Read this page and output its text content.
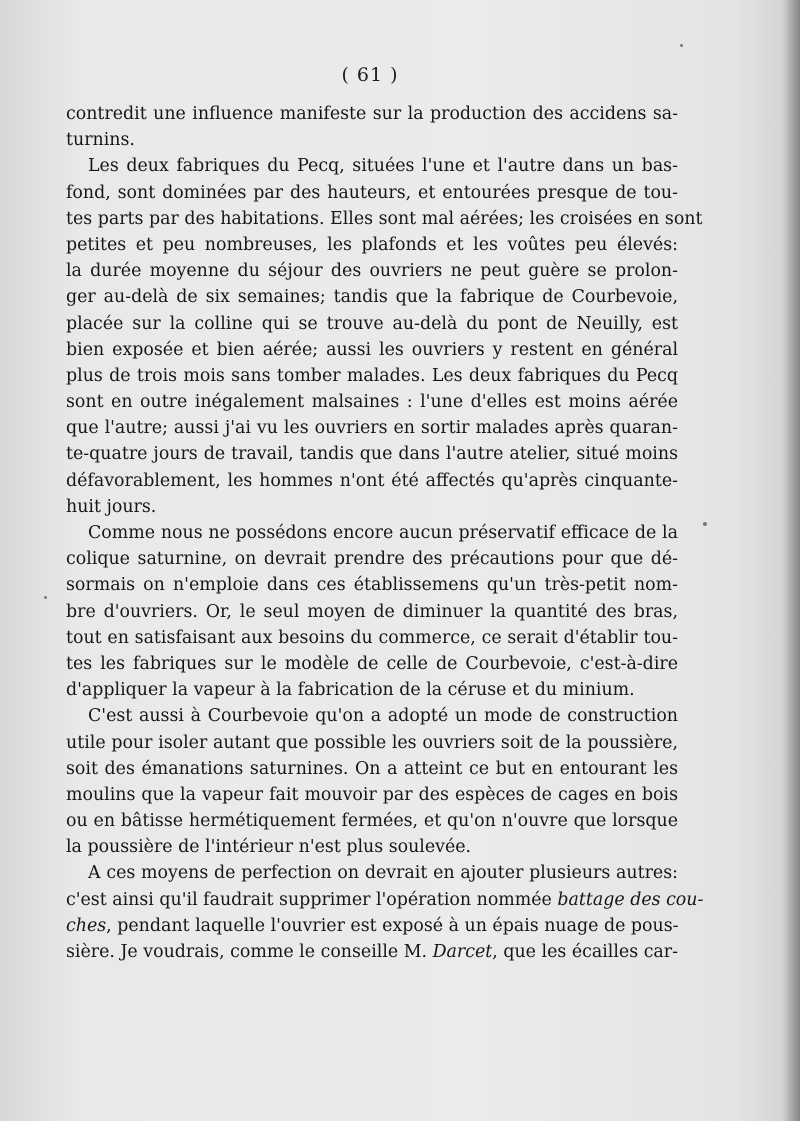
( 61 )
contredit une influence manifeste sur la production des accidens sa-
turnins.
Les deux fabriques du Pecq, situées l'une et l'autre dans un bas-
fond, sont dominées par des hauteurs, et entourées presque de tou-
tes parts par des habitations. Elles sont mal aérées; les croisées en sont
petites et peu nombreuses, les plafonds et les voûtes peu élevés:
la durée moyenne du séjour des ouvriers ne peut guère se prolon-
ger au-delà de six semaines; tandis que la fabrique de Courbevoie,
placée sur la colline qui se trouve au-delà du pont de Neuilly, est
bien exposée et bien aérée; aussi les ouvriers y restent en général
plus de trois mois sans tomber malades. Les deux fabriques du Pecq
sont en outre inégalement malsaines : l'une d'elles est moins aérée
que l'autre; aussi j'ai vu les ouvriers en sortir malades après quaran-
te-quatre jours de travail, tandis que dans l'autre atelier, situé moins
défavorablement, les hommes n'ont été affectés qu'après cinquante-
huit jours.
Comme nous ne possédons encore aucun préservatif efficace de la
colique saturnine, on devrait prendre des précautions pour que dé-
sormais on n'emploie dans ces établissemens qu'un très-petit nom-
bre d'ouvriers. Or, le seul moyen de diminuer la quantité des bras,
tout en satisfaisant aux besoins du commerce, ce serait d'établir tou-
tes les fabriques sur le modèle de celle de Courbevoie, c'est-à-dire
d'appliquer la vapeur à la fabrication de la céruse et du minium.
C'est aussi à Courbevoie qu'on a adopté un mode de construction
utile pour isoler autant que possible les ouvriers soit de la poussière,
soit des émanations saturnines. On a atteint ce but en entourant les
moulins que la vapeur fait mouvoir par des espèces de cages en bois
ou en bâtisse hermétiquement fermées, et qu'on n'ouvre que lorsque
la poussière de l'intérieur n'est plus soulevée.
A ces moyens de perfection on devrait en ajouter plusieurs autres:
c'est ainsi qu'il faudrait supprimer l'opération nommée battage des cou-
ches, pendant laquelle l'ouvrier est exposé à un épais nuage de pous-
sière. Je voudrais, comme le conseille M. Darcet, que les écailles car-
